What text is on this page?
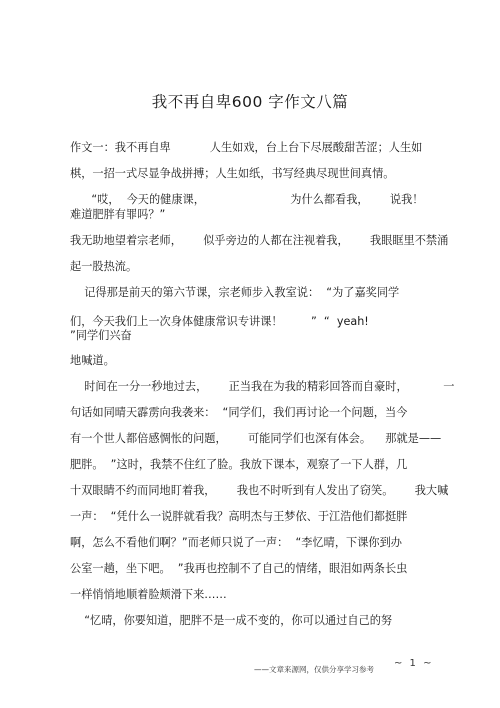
我不再自卑600 字作文八篇
作文一：我不再自卑           人生如戏，台上台下尽展酸甜苦涩；人生如
棋，一招一式尽显争战拼搏；人生如纸，书写经典尽现世间真情。
“哎，  今天的健康课，                        为什么都看我，      说我！
难道肥胖有罪吗？”
我无助地望着宗老师，      似乎旁边的人都在注视着我，      我眼眶里不禁涌
起一股热流。
记得那是前天的第六节课，宗老师步入教室说：  “为了嘉奖同学
们，今天我们上一次身体健康常识专讲课！        ”  “  yeah!
”同学们兴奋
地喊道。
时间在一分一秒地过去，      正当我在为我的精彩回答而自豪时，          一
句话如同晴天霹雳向我袭来：  “同学们，我们再讨论一个问题，当今
有一个世人都倍感惆怅的问题，      可能同学们也深有体会。    那就是——
肥胖。  ”这时，我禁不住红了脸。我放下课本，观察了一下人群，几
十双眼睛不约而同地盯着我，      我也不时听到有人发出了窃笑。      我大喊
一声：  “凭什么一说胖就看我？高明杰与王梦依、于江浩他们都挺胖
啊，怎么不看他们啊？”而老师只说了一声：  “李忆晴，下课你到办
公室一趟，坐下吧。  ”我再也控制不了自己的情绪，眼泪如两条长虫
一样悄悄地顺着脸颊滑下来……
“忆晴，你要知道，肥胖不是一成不变的，你可以通过自己的努
——文章来源网，仅供分享学习参考
~ 1 ~
